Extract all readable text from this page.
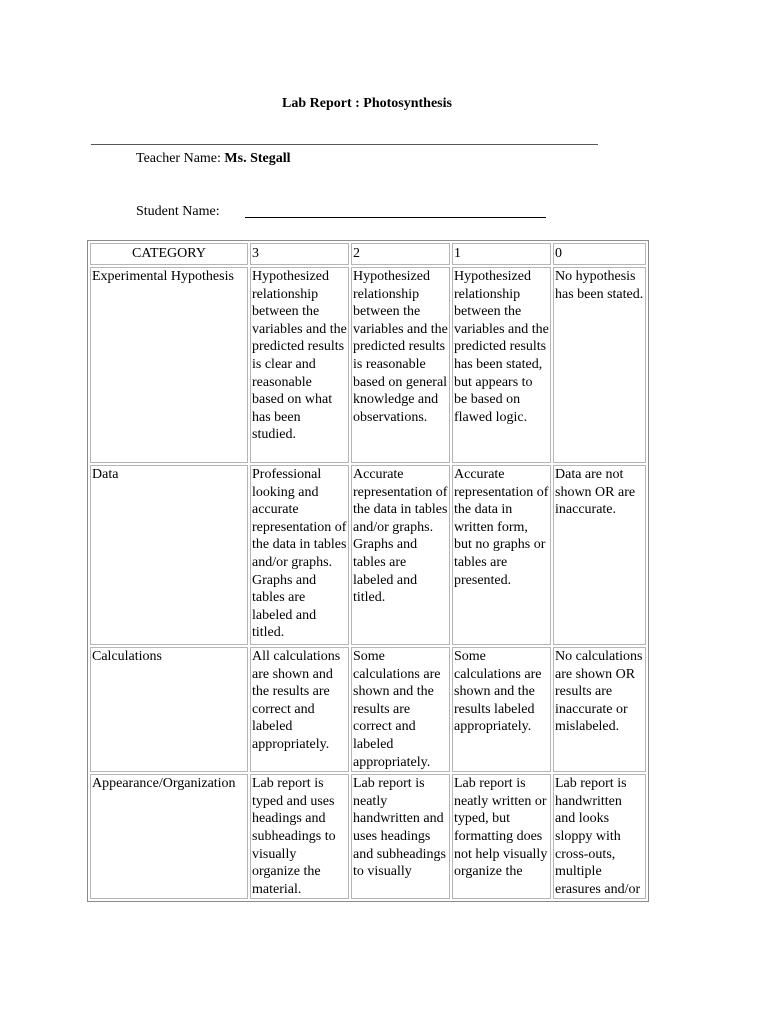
Lab Report : Photosynthesis
Teacher Name: Ms. Stegall
Student Name:
CATEGORY	3	2	1	0
Experimental Hypothesis	Hypothesized relationship between the variables and the predicted results is clear and reasonable based on what has been studied.	Hypothesized relationship between the variables and the predicted results is reasonable based on general knowledge and observations.	Hypothesized relationship between the variables and the predicted results has been stated, but appears to be based on flawed logic.	No hypothesis has been stated.
Data	Professional looking and accurate representation of the data in tables and/or graphs. Graphs and tables are labeled and titled.	Accurate representation of the data in tables and/or graphs. Graphs and tables are labeled and titled.	Accurate representation of the data in written form, but no graphs or tables are presented.	Data are not shown OR are inaccurate.
Calculations	All calculations are shown and the results are correct and labeled appropriately.	Some calculations are shown and the results are correct and labeled appropriately.	Some calculations are shown and the results labeled appropriately.	No calculations are shown OR results are inaccurate or mislabeled.
Appearance/Organization	Lab report is typed and uses headings and subheadings to visually organize the material.	Lab report is neatly handwritten and uses headings and subheadings to visually	Lab report is neatly written or typed, but formatting does not help visually organize the	Lab report is handwritten and looks sloppy with cross-outs, multiple erasures and/or
